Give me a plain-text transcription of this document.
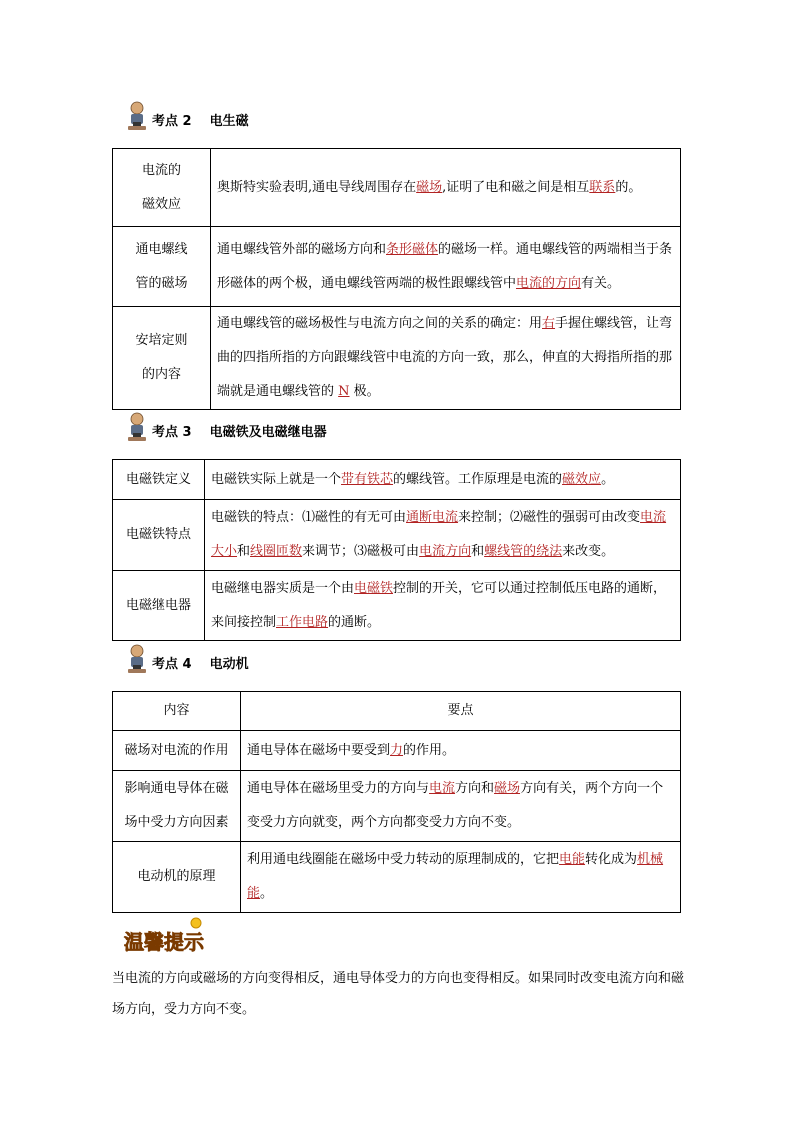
考点 2    电生磁
电流的
磁效应	奥斯特实验表明,通电导线周围存在磁场,证明了电和磁之间是相互联系的。
通电螺线
管的磁场	通电螺线管外部的磁场方向和条形磁体的磁场一样。通电螺线管的两端相当于条形磁体的两个极，通电螺线管两端的极性跟螺线管中电流的方向有关。
安培定则
的内容	通电螺线管的磁场极性与电流方向之间的关系的确定：用右手握住螺线管，让弯曲的四指所指的方向跟螺线管中电流的方向一致，那么，伸直的大拇指所指的那端就是通电螺线管的 N 极。
考点 3    电磁铁及电磁继电器
电磁铁定义	电磁铁实际上就是一个带有铁芯的螺线管。工作原理是电流的磁效应。
电磁铁特点	电磁铁的特点：⑴磁性的有无可由通断电流来控制；⑵磁性的强弱可由改变电流大小和线圈匝数来调节；⑶磁极可由电流方向和螺线管的绕法来改变。
电磁继电器	电磁继电器实质是一个由电磁铁控制的开关，它可以通过控制低压电路的通断，来间接控制工作电路的通断。
考点 4    电动机
内容	要点
磁场对电流的作用	通电导体在磁场中要受到力的作用。
影响通电导体在磁
场中受力方向因素	通电导体在磁场里受力的方向与电流方向和磁场方向有关，两个方向一个变受力方向就变，两个方向都变受力方向不变。
电动机的原理	利用通电线圈能在磁场中受力转动的原理制成的，它把电能转化成为机械能。
温馨提示
当电流的方向或磁场的方向变得相反，通电导体受力的方向也变得相反。如果同时改变电流方向和磁场方向，受力方向不变。
